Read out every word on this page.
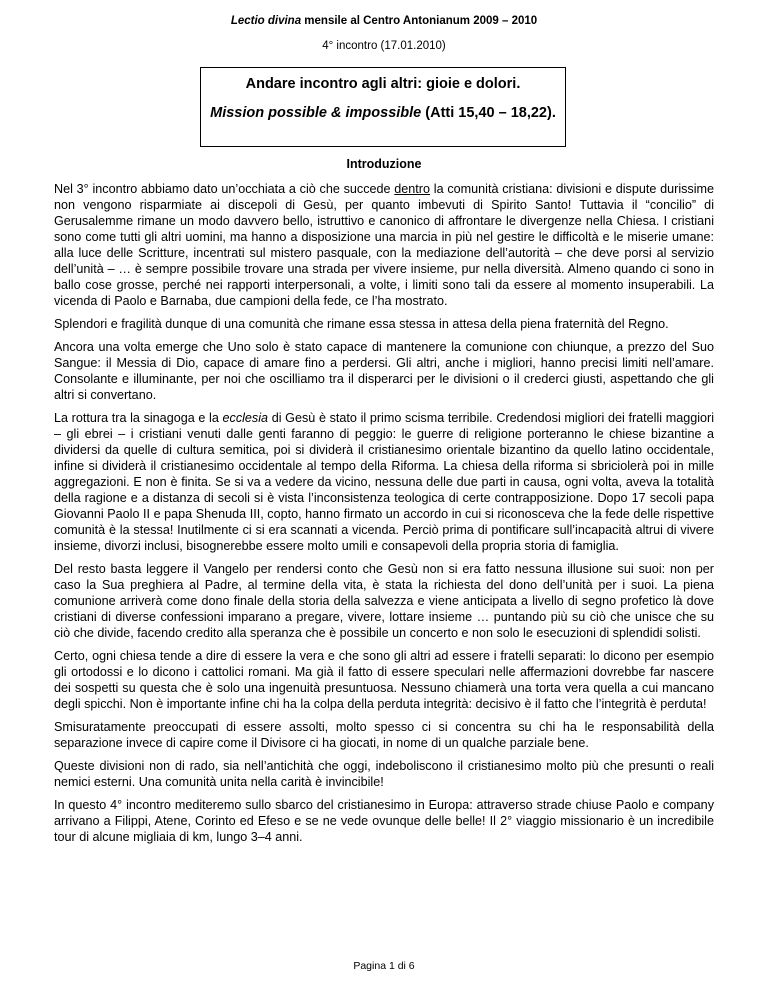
Lectio divina mensile al Centro Antonianum 2009 – 2010
4° incontro (17.01.2010)
Andare incontro agli altri: gioie e dolori.
Mission possible & impossible (Atti 15,40 – 18,22).
Introduzione

Nel 3° incontro abbiamo dato un’occhiata a ciò che succede dentro la comunità cristiana: divisioni e dispute durissime non vengono risparmiate ai discepoli di Gesù, per quanto imbevuti di Spirito Santo! Tuttavia il “concilio” di Gerusalemme rimane un modo davvero bello, istruttivo e canonico di affrontare le divergenze nella Chiesa. I cristiani sono come tutti gli altri uomini, ma hanno a disposizione una marcia in più nel gestire le difficoltà e le miserie umane: alla luce delle Scritture, incentrati sul mistero pasquale, con la mediazione dell’autorità – che deve porsi al servizio dell’unità – … è sempre possibile trovare una strada per vivere insieme, pur nella diversità. Almeno quando ci sono in ballo cose grosse, perché nei rapporti interpersonali, a volte, i limiti sono tali da essere al momento insuperabili. La vicenda di Paolo e Barnaba, due campioni della fede, ce l’ha mostrato.

Splendori e fragilità dunque di una comunità che rimane essa stessa in attesa della piena fraternità del Regno.

Ancora una volta emerge che Uno solo è stato capace di mantenere la comunione con chiunque, a prezzo del Suo Sangue: il Messia di Dio, capace di amare fino a perdersi. Gli altri, anche i migliori, hanno precisi limiti nell’amare. Consolante e illuminante, per noi che oscilliamo tra il disperarci per le divisioni o il crederci giusti, aspettando che gli altri si convertano.

La rottura tra la sinagoga e la ecclesia di Gesù è stato il primo scisma terribile. Credendosi migliori dei fratelli maggiori – gli ebrei – i cristiani venuti dalle genti faranno di peggio: le guerre di religione porteranno le chiese bizantine a dividersi da quelle di cultura semitica, poi si dividerà il cristianesimo orientale bizantino da quello latino occidentale, infine si dividerà il cristianesimo occidentale al tempo della Riforma. La chiesa della riforma si sbriciolerà poi in mille aggregazioni. E non è finita. Se si va a vedere da vicino, nessuna delle due parti in causa, ogni volta, aveva la totalità della ragione e a distanza di secoli si è vista l’inconsistenza teologica di certe contrapposizione. Dopo 17 secoli papa Giovanni Paolo II e papa Shenuda III, copto, hanno firmato un accordo in cui si riconosceva che la fede delle rispettive comunità è la stessa! Inutilmente ci si era scannati a vicenda. Perciò prima di pontificare sull’incapacità altrui di vivere insieme, divorzi inclusi, bisognerebbe essere molto umili e consapevoli della propria storia di famiglia.

Del resto basta leggere il Vangelo per rendersi conto che Gesù non si era fatto nessuna illusione sui suoi: non per caso la Sua preghiera al Padre, al termine della vita, è stata la richiesta del dono dell’unità per i suoi. La piena comunione arriverà come dono finale della storia della salvezza e viene anticipata a livello di segno profetico là dove cristiani di diverse confessioni imparano a pregare, vivere, lottare insieme … puntando più su ciò che unisce che su ciò che divide, facendo credito alla speranza che è possibile un concerto e non solo le esecuzioni di splendidi solisti.

Certo, ogni chiesa tende a dire di essere la vera e che sono gli altri ad essere i fratelli separati: lo dicono per esempio gli ortodossi e lo dicono i cattolici romani. Ma già il fatto di essere speculari nelle affermazioni dovrebbe far nascere dei sospetti su questa che è solo una ingenuità presuntuosa. Nessuno chiamerà una torta vera quella a cui mancano degli spicchi. Non è importante infine chi ha la colpa della perduta integrità: decisivo è il fatto che l’integrità è perduta!

Smisuratamente preoccupati di essere assolti, molto spesso ci si concentra su chi ha le responsabilità della separazione invece di capire come il Divisore ci ha giocati, in nome di un qualche parziale bene.

Queste divisioni non di rado, sia nell’antichità che oggi, indeboliscono il cristianesimo molto più che presunti o reali nemici esterni. Una comunità unita nella carità è invincibile!

In questo 4° incontro mediteremo sullo sbarco del cristianesimo in Europa: attraverso strade chiuse Paolo e company arrivano a Filippi, Atene, Corinto ed Efeso e se ne vede ovunque delle belle! Il 2° viaggio missionario è un incredibile tour di alcune migliaia di km, lungo 3–4 anni.

Pagina 1 di 6
